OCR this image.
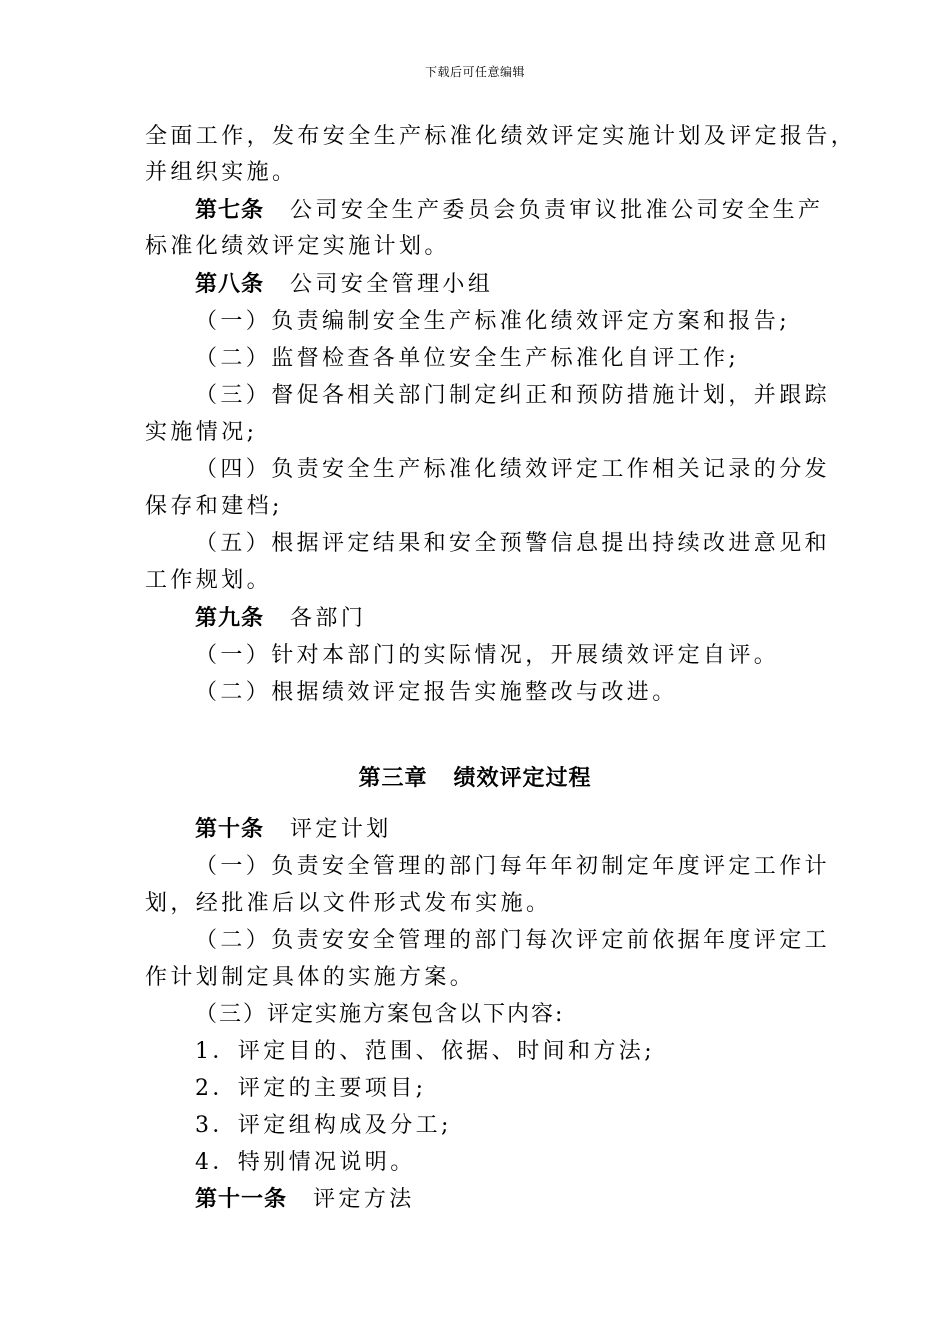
下载后可任意编辑
全面工作，发布安全生产标准化绩效评定实施计划及评定报告，
并组织实施。
第七条 公司安全生产委员会负责审议批准公司安全生产
标准化绩效评定实施计划。
第八条 公司安全管理小组
（一）负责编制安全生产标准化绩效评定方案和报告;
（二）监督检查各单位安全生产标准化自评工作;
（三）督促各相关部门制定纠正和预防措施计划，并跟踪
实施情况;
（四）负责安全生产标准化绩效评定工作相关记录的分发
保存和建档;
（五）根据评定结果和安全预警信息提出持续改进意见和
工作规划。
第九条 各部门
（一）针对本部门的实际情况，开展绩效评定自评。
（二）根据绩效评定报告实施整改与改进。
第三章 绩效评定过程
第十条 评定计划
（一）负责安全管理的部门每年年初制定年度评定工作计
划，经批准后以文件形式发布实施。
（二）负责安安全管理的部门每次评定前依据年度评定工
作计划制定具体的实施方案。
（三）评定实施方案包含以下内容:
1．评定目的、范围、依据、时间和方法;
2．评定的主要项目;
3．评定组构成及分工;
4．特别情况说明。
第十一条 评定方法
